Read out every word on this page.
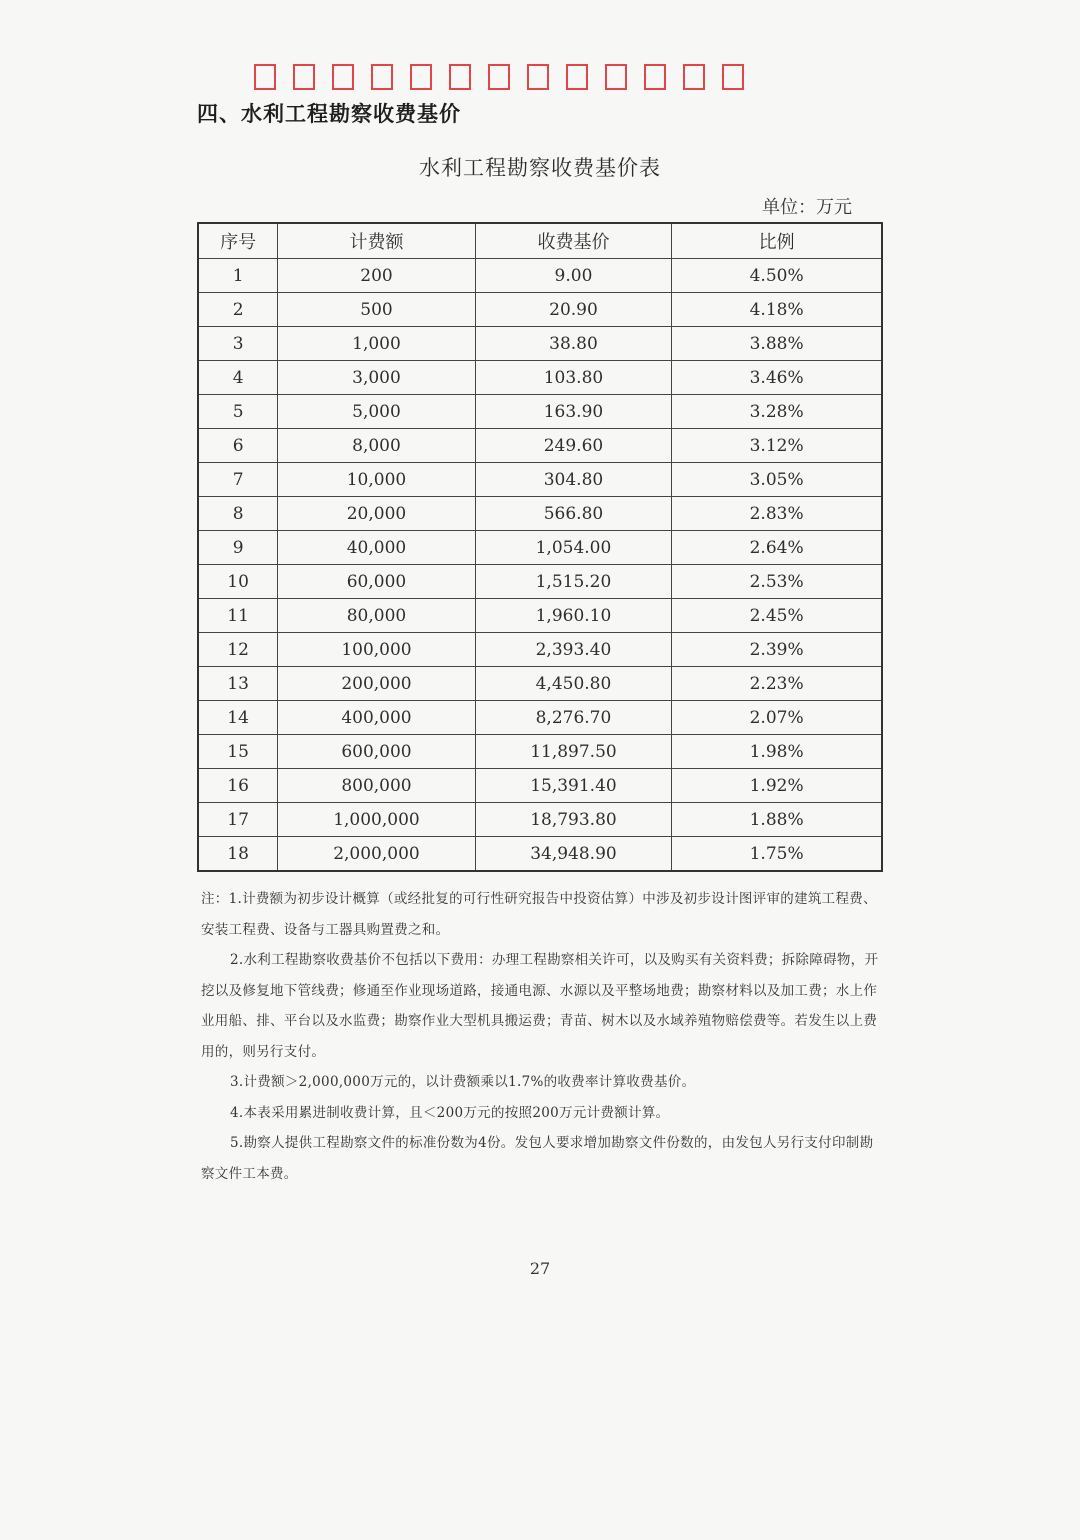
四、水利工程勘察收费基价
水利工程勘察收费基价表
单位：万元
序号	计费额	收费基价	比例
1	200	9.00	4.50%
2	500	20.90	4.18%
3	1,000	38.80	3.88%
4	3,000	103.80	3.46%
5	5,000	163.90	3.28%
6	8,000	249.60	3.12%
7	10,000	304.80	3.05%
8	20,000	566.80	2.83%
9	40,000	1,054.00	2.64%
10	60,000	1,515.20	2.53%
11	80,000	1,960.10	2.45%
12	100,000	2,393.40	2.39%
13	200,000	4,450.80	2.23%
14	400,000	8,276.70	2.07%
15	600,000	11,897.50	1.98%
16	800,000	15,391.40	1.92%
17	1,000,000	18,793.80	1.88%
18	2,000,000	34,948.90	1.75%

注：1.计费额为初步设计概算（或经批复的可行性研究报告中投资估算）中涉及初步设计图评审的建筑工程费、安装工程费、设备与工器具购置费之和。

2.水利工程勘察收费基价不包括以下费用：办理工程勘察相关许可，以及购买有关资料费；拆除障碍物，开挖以及修复地下管线费；修通至作业现场道路，接通电源、水源以及平整场地费；勘察材料以及加工费；水上作业用船、排、平台以及水监费；勘察作业大型机具搬运费；青苗、树木以及水域养殖物赔偿费等。若发生以上费用的，则另行支付。

3.计费额＞2,000,000万元的，以计费额乘以1.7%的收费率计算收费基价。

4.本表采用累进制收费计算，且＜200万元的按照200万元计费额计算。

5.勘察人提供工程勘察文件的标准份数为4份。发包人要求增加勘察文件份数的，由发包人另行支付印制勘察文件工本费。

27
